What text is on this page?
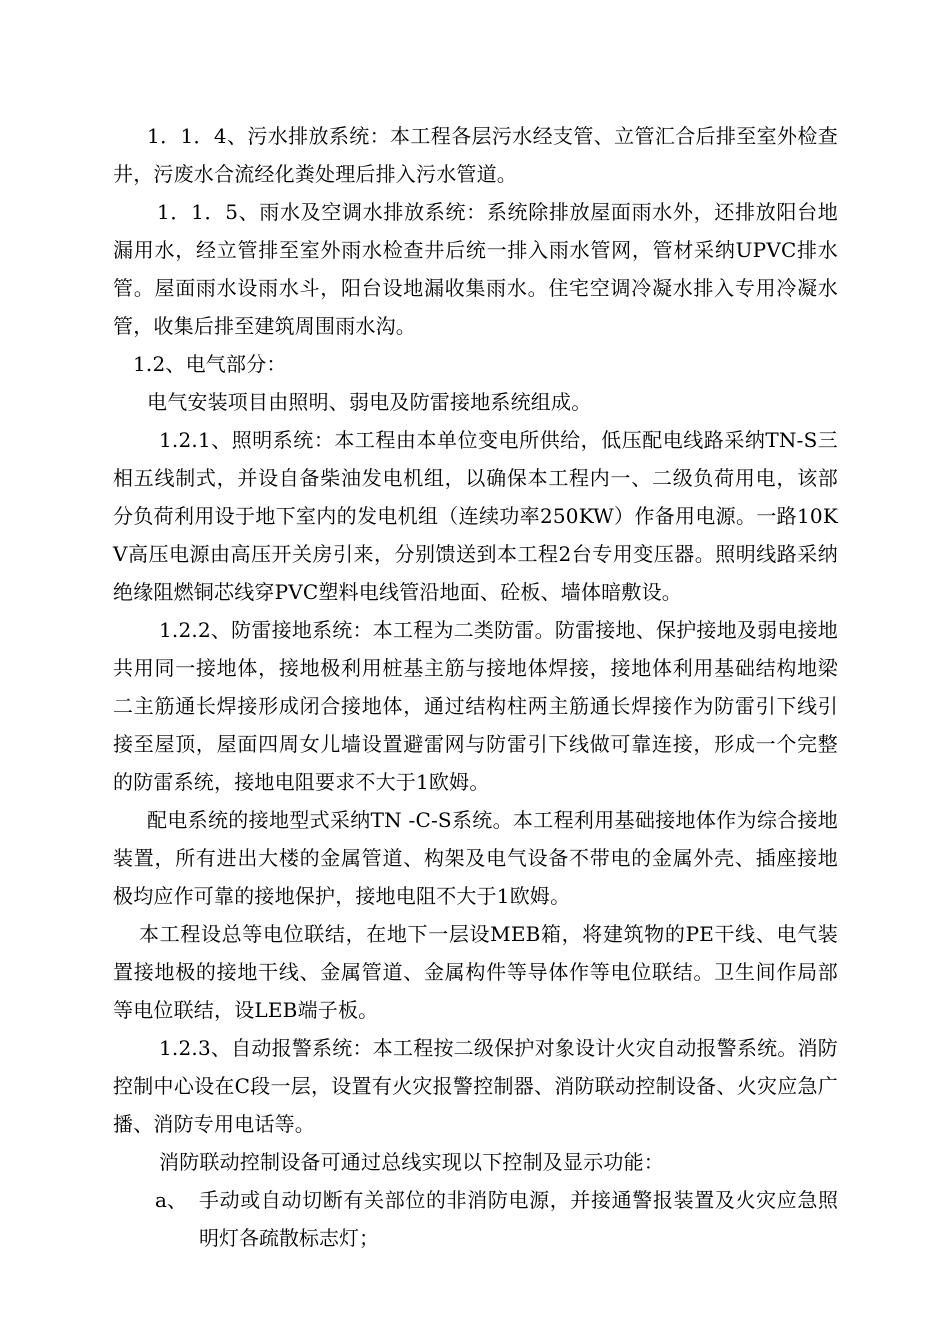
1．1．4、污水排放系统：本工程各层污水经支管、立管汇合后排至室外检查井，污废水合流经化粪处理后排入污水管道。

1．1．5、雨水及空调水排放系统：系统除排放屋面雨水外，还排放阳台地漏用水，经立管排至室外雨水检查井后统一排入雨水管网，管材采纳UPVC排水管。屋面雨水设雨水斗，阳台设地漏收集雨水。住宅空调冷凝水排入专用冷凝水管，收集后排至建筑周围雨水沟。

1.2、电气部分：

电气安装项目由照明、弱电及防雷接地系统组成。

1.2.1、照明系统：本工程由本单位变电所供给，低压配电线路采纳TN-S三相五线制式，并设自备柴油发电机组，以确保本工程内一、二级负荷用电，该部分负荷利用设于地下室内的发电机组（连续功率250KW）作备用电源。一路10KV高压电源由高压开关房引来，分别馈送到本工程2台专用变压器。照明线路采纳绝缘阻燃铜芯线穿PVC塑料电线管沿地面、砼板、墙体暗敷设。

1.2.2、防雷接地系统：本工程为二类防雷。防雷接地、保护接地及弱电接地共用同一接地体，接地极利用桩基主筋与接地体焊接，接地体利用基础结构地梁二主筋通长焊接形成闭合接地体，通过结构柱两主筋通长焊接作为防雷引下线引接至屋顶，屋面四周女儿墙设置避雷网与防雷引下线做可靠连接，形成一个完整的防雷系统，接地电阻要求不大于1欧姆。

配电系统的接地型式采纳TN -C-S系统。本工程利用基础接地体作为综合接地装置，所有进出大楼的金属管道、构架及电气设备不带电的金属外壳、插座接地极均应作可靠的接地保护，接地电阻不大于1欧姆。

本工程设总等电位联结，在地下一层设MEB箱，将建筑物的PE干线、电气装置接地极的接地干线、金属管道、金属构件等导体作等电位联结。卫生间作局部等电位联结，设LEB端子板。

1.2.3、自动报警系统：本工程按二级保护对象设计火灾自动报警系统。消防控制中心设在C段一层，设置有火灾报警控制器、消防联动控制设备、火灾应急广播、消防专用电话等。

消防联动控制设备可通过总线实现以下控制及显示功能：

a、 手动或自动切断有关部位的非消防电源，并接通警报装置及火灾应急照明灯各疏散标志灯；
